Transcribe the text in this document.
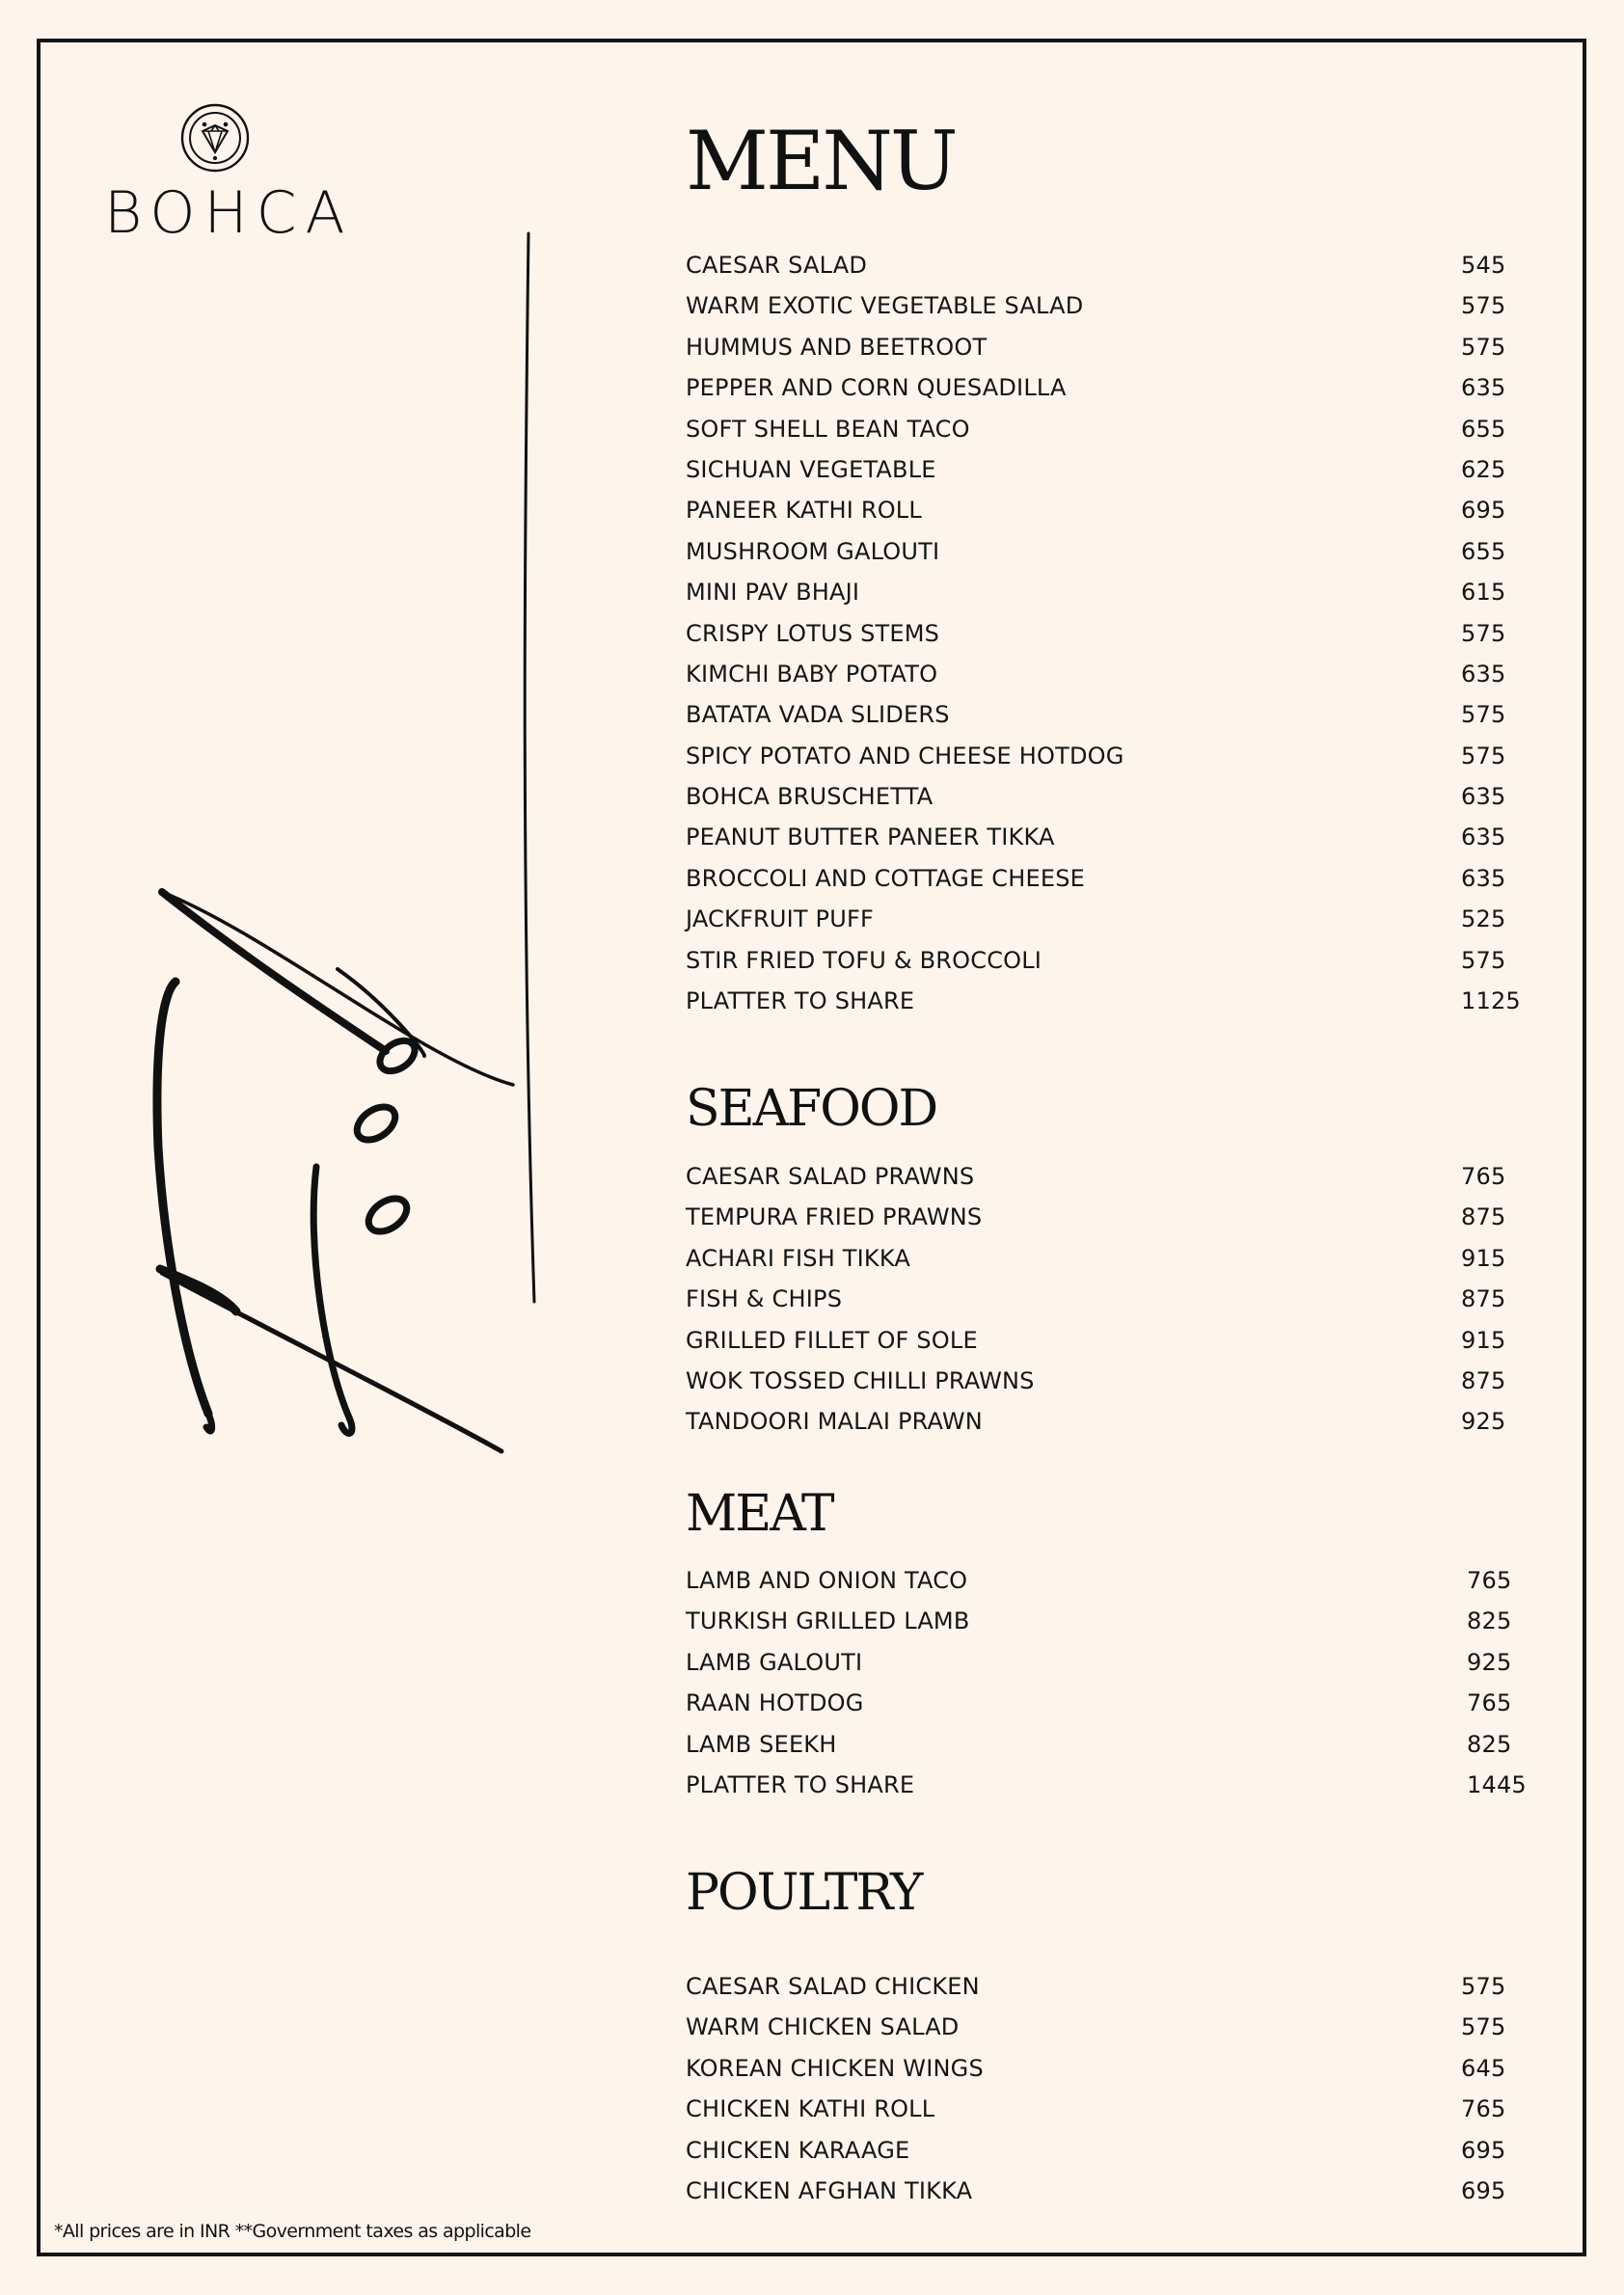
BOHCA
MENU
CAESAR SALAD	545
WARM EXOTIC VEGETABLE SALAD	575
HUMMUS AND BEETROOT	575
PEPPER AND CORN QUESADILLA	635
SOFT SHELL BEAN TACO	655
SICHUAN VEGETABLE	625
PANEER KATHI ROLL	695
MUSHROOM GALOUTI	655
MINI PAV BHAJI	615
CRISPY LOTUS STEMS	575
KIMCHI BABY POTATO	635
BATATA VADA SLIDERS	575
SPICY POTATO AND CHEESE HOTDOG	575
BOHCA BRUSCHETTA	635
PEANUT BUTTER PANEER TIKKA	635
BROCCOLI AND COTTAGE CHEESE	635
JACKFRUIT PUFF	525
STIR FRIED TOFU & BROCCOLI	575
PLATTER TO SHARE	1125
SEAFOOD
CAESAR SALAD PRAWNS	765
TEMPURA FRIED PRAWNS	875
ACHARI FISH TIKKA	915
FISH & CHIPS	875
GRILLED FILLET OF SOLE	915
WOK TOSSED CHILLI PRAWNS	875
TANDOORI MALAI PRAWN	925
MEAT
LAMB AND ONION TACO	765
TURKISH GRILLED LAMB	825
LAMB GALOUTI	925
RAAN HOTDOG	765
LAMB SEEKH	825
PLATTER TO SHARE	1445
POULTRY
CAESAR SALAD CHICKEN	575
WARM CHICKEN SALAD	575
KOREAN CHICKEN WINGS	645
CHICKEN KATHI ROLL	765
CHICKEN KARAAGE	695
CHICKEN AFGHAN TIKKA	695
*All prices are in INR **Government taxes as applicable
